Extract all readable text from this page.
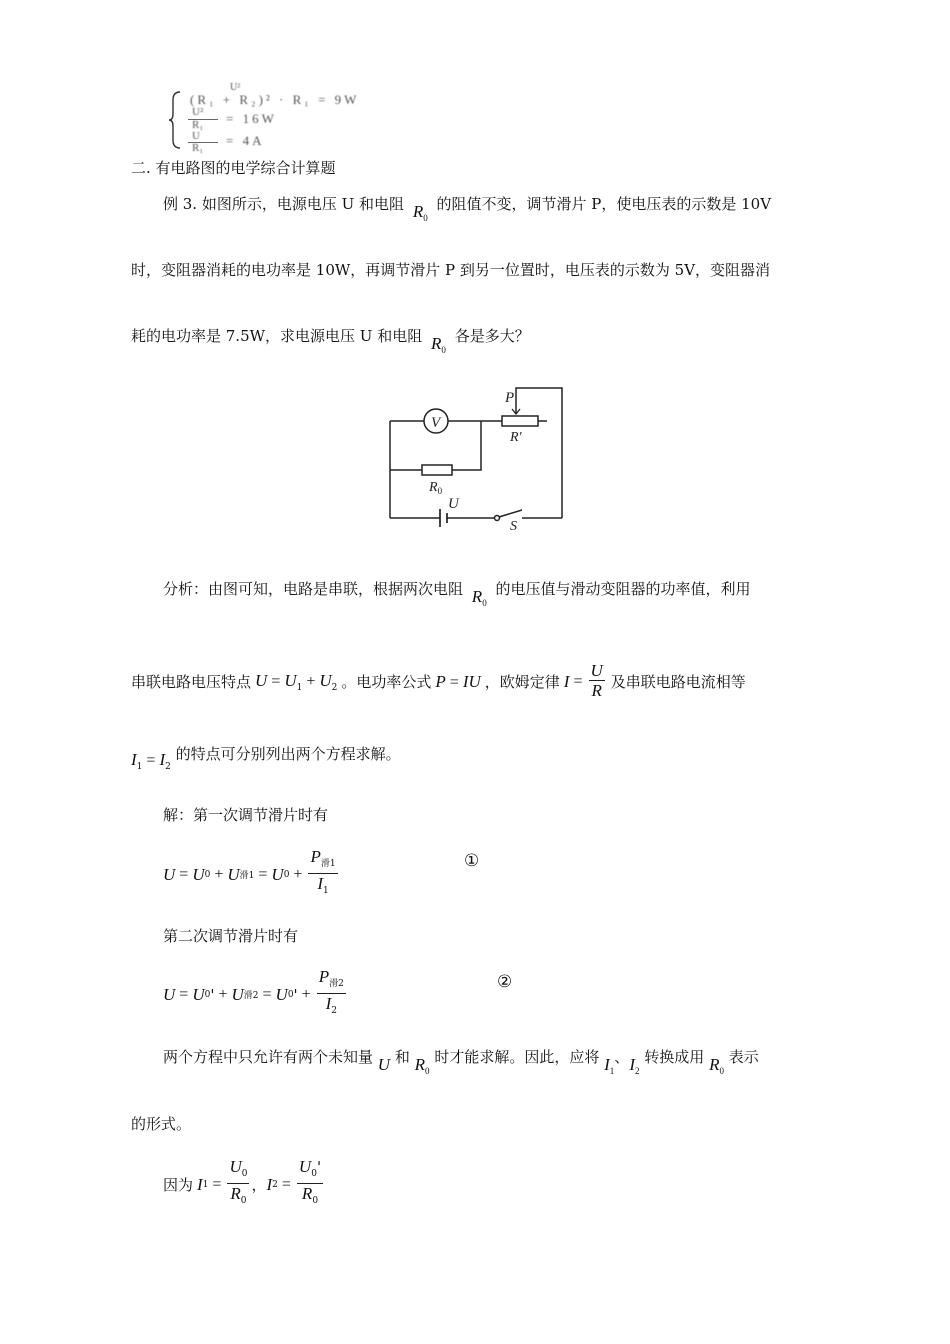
U²
(R₁ + R₂)² · R₁ = 9W
U²
R₁ = 16W
U
R₁ = 4A
二. 有电路图的电学综合计算题
例 3. 如图所示，电源电压 U 和电阻 $R_0$ 的阻值不变，调节滑片 P，使电压表的示数是 10V
时，变阻器消耗的电功率是 10W，再调节滑片 P 到另一位置时，电压表的示数为 5V，变阻器消
耗的电功率是 7.5W，求电源电压 U 和电阻 $R_0$ 各是多大？
V
P
R'
$R_0$
U
S
分析：由图可知，电路是串联，根据两次电阻 $R_0$ 的电压值与滑动变阻器的功率值，利用
串联电路电压特点 $U = U_1 + U_2$ 。电功率公式 P = IU ，欧姆定律 $I = \frac{U}{R}$ 及串联电路电流相等
$I_1 = I_2$ 的特点可分别列出两个方程求解。
解：第一次调节滑片时有
U = U 0 + U 滑1 = U $0 + \frac{P_{滑1}}{I_1}$	①
第二次调节滑片时有
U = U 0 ' + U 滑2 = U 0 ' + $\frac{P_{滑2}}{I_2}$	②
两个方程中只允许有两个未知量 U 和 $R_0$ 时才能求解。因此，应将 $I_1$、$I_2$ 转换成用 $R_0$ 表示
的形式。
因为 I $1 = \frac{U_0}{R_0}$ ， I $2 = \frac{U_0'}{R_0}$
